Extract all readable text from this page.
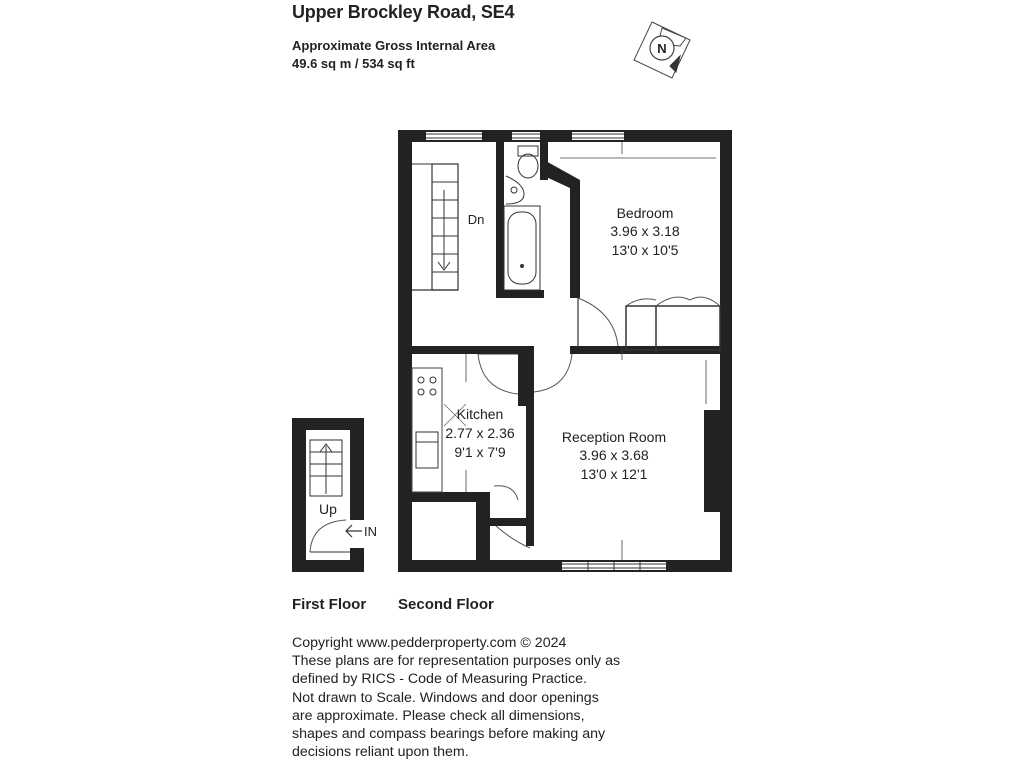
Upper Brockley Road, SE4
Approximate Gross Internal Area
49.6 sq m / 534 sq ft
N
Dn	Bedroom
3.96 x 3.18
13'0 x 10'5
Kitchen
2.77 x 2.36
9'1 x 7'9
Reception Room
3.96 x 3.68
13'0 x 12'1
Up
IN
First Floor Second Floor
Copyright www.pedderproperty.com © 2024
These plans are for representation purposes only as
defined by RICS - Code of Measuring Practice.
Not drawn to Scale. Windows and door openings
are approximate. Please check all dimensions,
shapes and compass bearings before making any
decisions reliant upon them.
